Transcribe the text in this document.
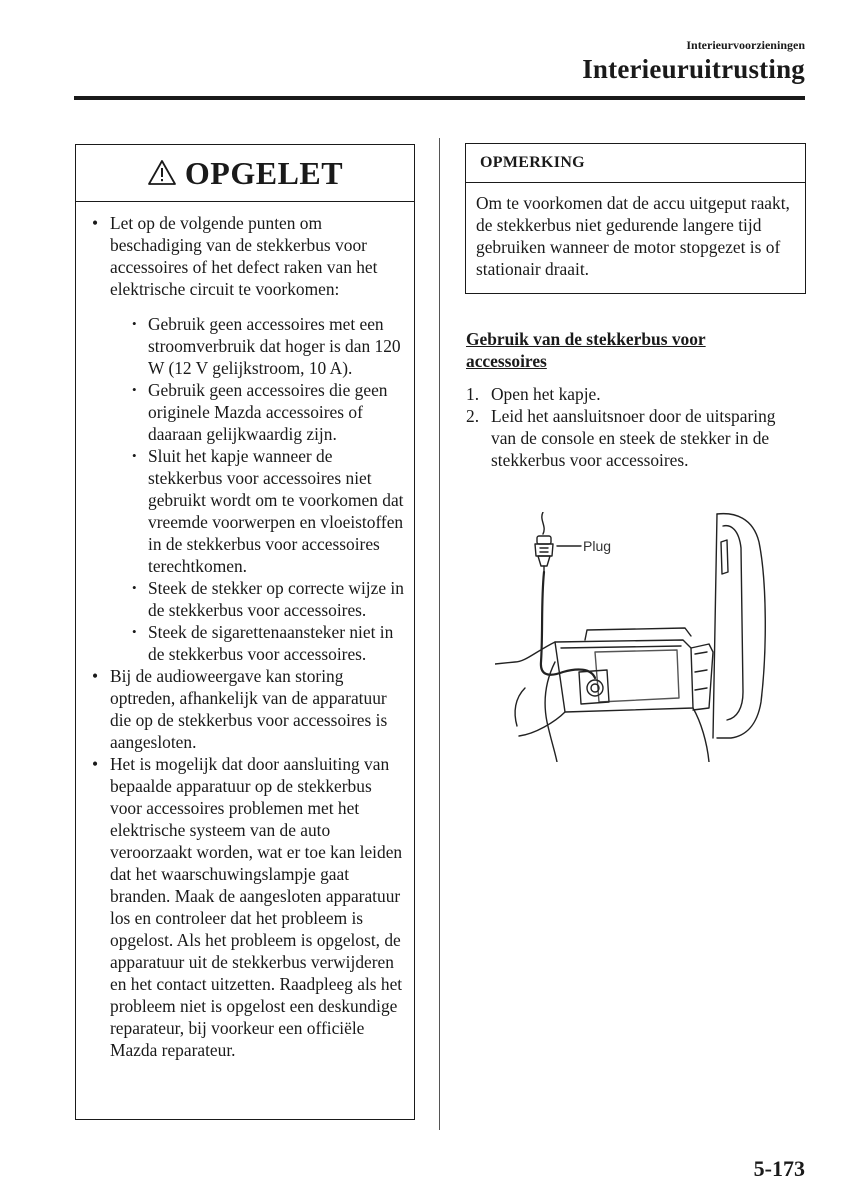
Interieurvoorzieningen
Interieuruitrusting
OPGELET
• Let op de volgende punten om beschadiging van de stekkerbus voor accessoires of het defect raken van het elektrische circuit te voorkomen:
• Gebruik geen accessoires met een stroomverbruik dat hoger is dan 120 W (12 V gelijkstroom, 10 A).
• Gebruik geen accessoires die geen originele Mazda accessoires of daaraan gelijkwaardig zijn.
• Sluit het kapje wanneer de stekkerbus voor accessoires niet gebruikt wordt om te voorkomen dat vreemde voorwerpen en vloeistoffen in de stekkerbus voor accessoires terechtkomen.
• Steek de stekker op correcte wijze in de stekkerbus voor accessoires.
• Steek de sigarettenaansteker niet in de stekkerbus voor accessoires.
• Bij de audioweergave kan storing optreden, afhankelijk van de apparatuur die op de stekkerbus voor accessoires is aangesloten.
• Het is mogelijk dat door aansluiting van bepaalde apparatuur op de stekkerbus voor accessoires problemen met het elektrische systeem van de auto veroorzaakt worden, wat er toe kan leiden dat het waarschuwingslampje gaat branden. Maak de aangesloten apparatuur los en controleer dat het probleem is opgelost. Als het probleem is opgelost, de apparatuur uit de stekkerbus verwijderen en het contact uitzetten. Raadpleeg als het probleem niet is opgelost een deskundige reparateur, bij voorkeur een officiële Mazda reparateur.
OPMERKING
Om te voorkomen dat de accu uitgeput raakt, de stekkerbus niet gedurende langere tijd gebruiken wanneer de motor stopgezet is of stationair draait.
Gebruik van de stekkerbus voor accessoires
1. Open het kapje.
2. Leid het aansluitsnoer door de uitsparing van de console en steek de stekker in de stekkerbus voor accessoires.
Plug
5-173
